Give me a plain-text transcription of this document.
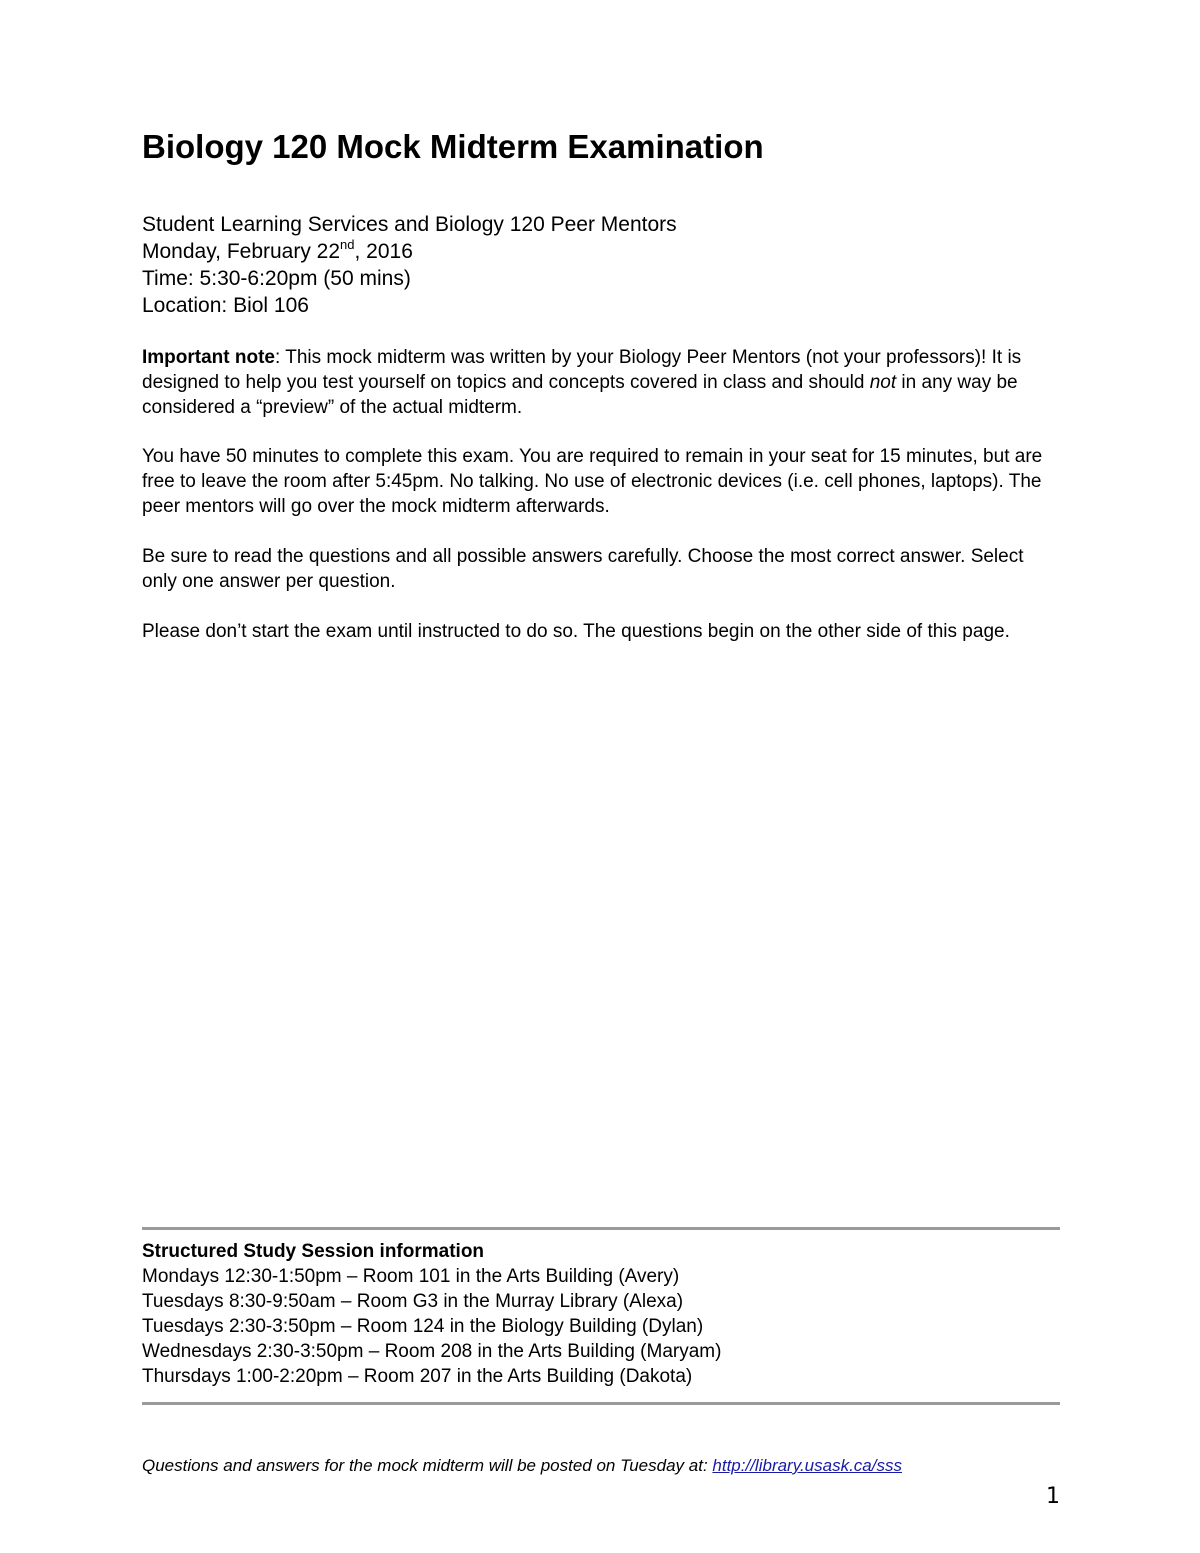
Biology 120 Mock Midterm Examination
Student Learning Services and Biology 120 Peer Mentors
Monday, February 22nd, 2016
Time: 5:30-6:20pm (50 mins)
Location: Biol 106

Important note: This mock midterm was written by your Biology Peer Mentors (not your professors)! It is designed to help you test yourself on topics and concepts covered in class and should not in any way be considered a “preview” of the actual midterm.

You have 50 minutes to complete this exam. You are required to remain in your seat for 15 minutes, but are free to leave the room after 5:45pm. No talking. No use of electronic devices (i.e. cell phones, laptops). The peer mentors will go over the mock midterm afterwards.

Be sure to read the questions and all possible answers carefully. Choose the most correct answer. Select only one answer per question.

Please don’t start the exam until instructed to do so. The questions begin on the other side of this page.

Structured Study Session information
Mondays 12:30-1:50pm – Room 101 in the Arts Building (Avery)
Tuesdays 8:30-9:50am – Room G3 in the Murray Library (Alexa)
Tuesdays 2:30-3:50pm – Room 124 in the Biology Building (Dylan)
Wednesdays 2:30-3:50pm – Room 208 in the Arts Building (Maryam)
Thursdays 1:00-2:20pm – Room 207 in the Arts Building (Dakota)
Questions and answers for the mock midterm will be posted on Tuesday at: http://library.usask.ca/sss
1
